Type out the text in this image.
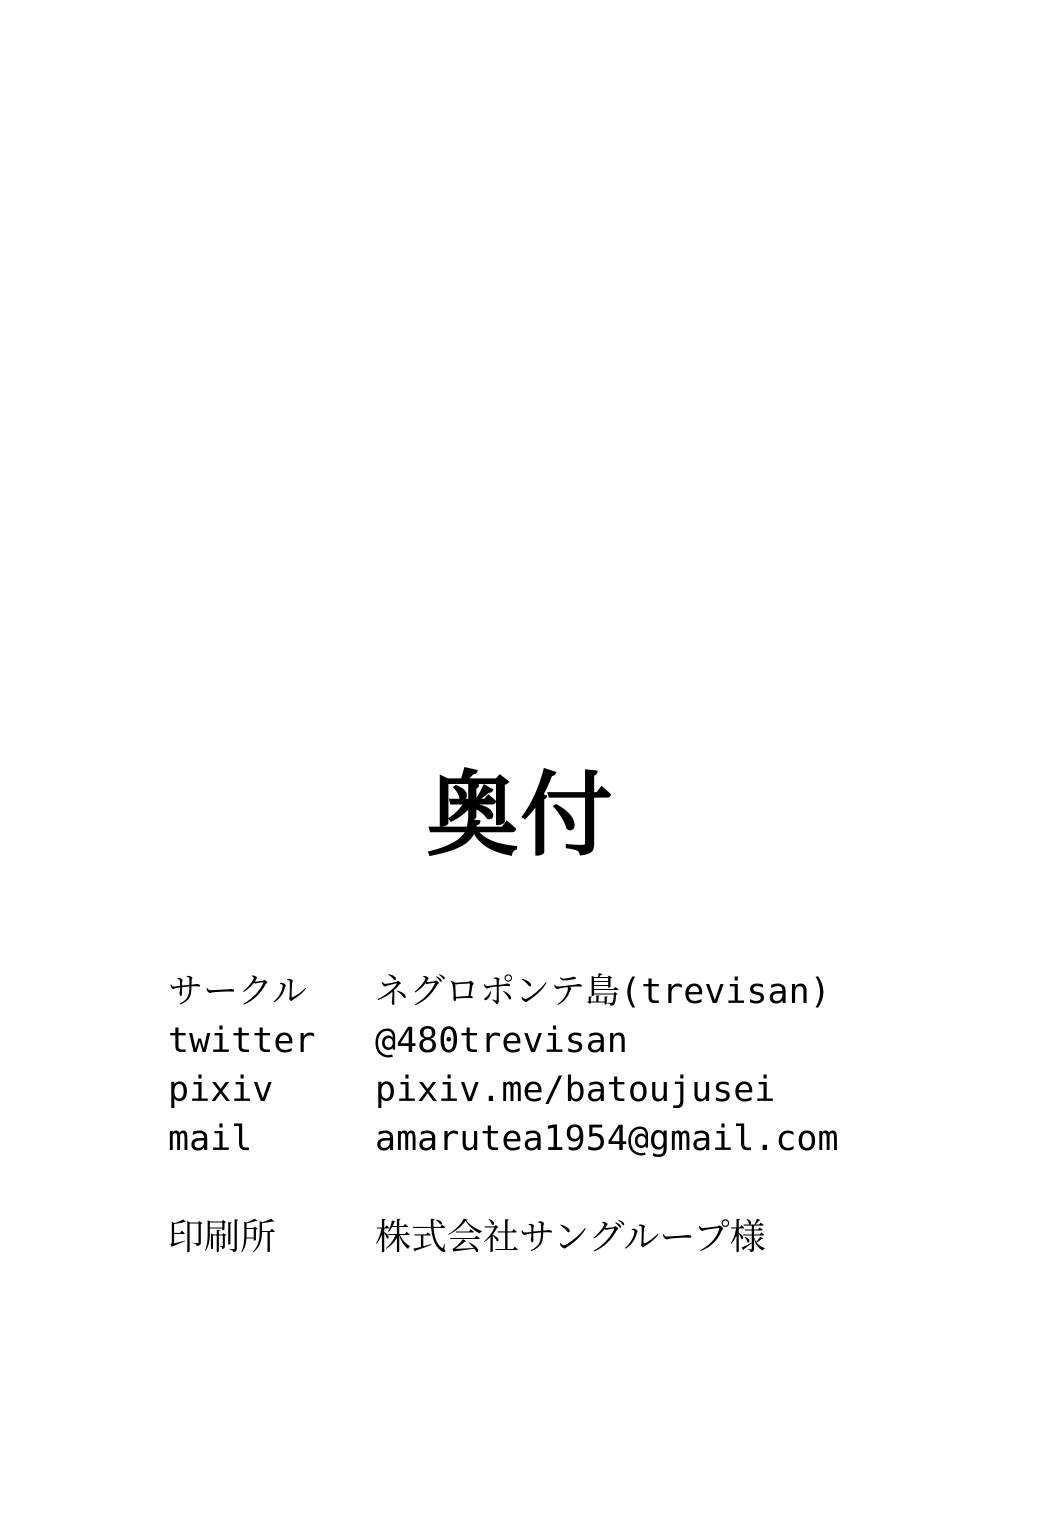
奥付
サークル	ネグロポンテ島(trevisan)
twitter	@480trevisan
pixiv	pixiv.me/batoujusei
mail	amarutea1954@gmail.com
印刷所	株式会社サングループ様
